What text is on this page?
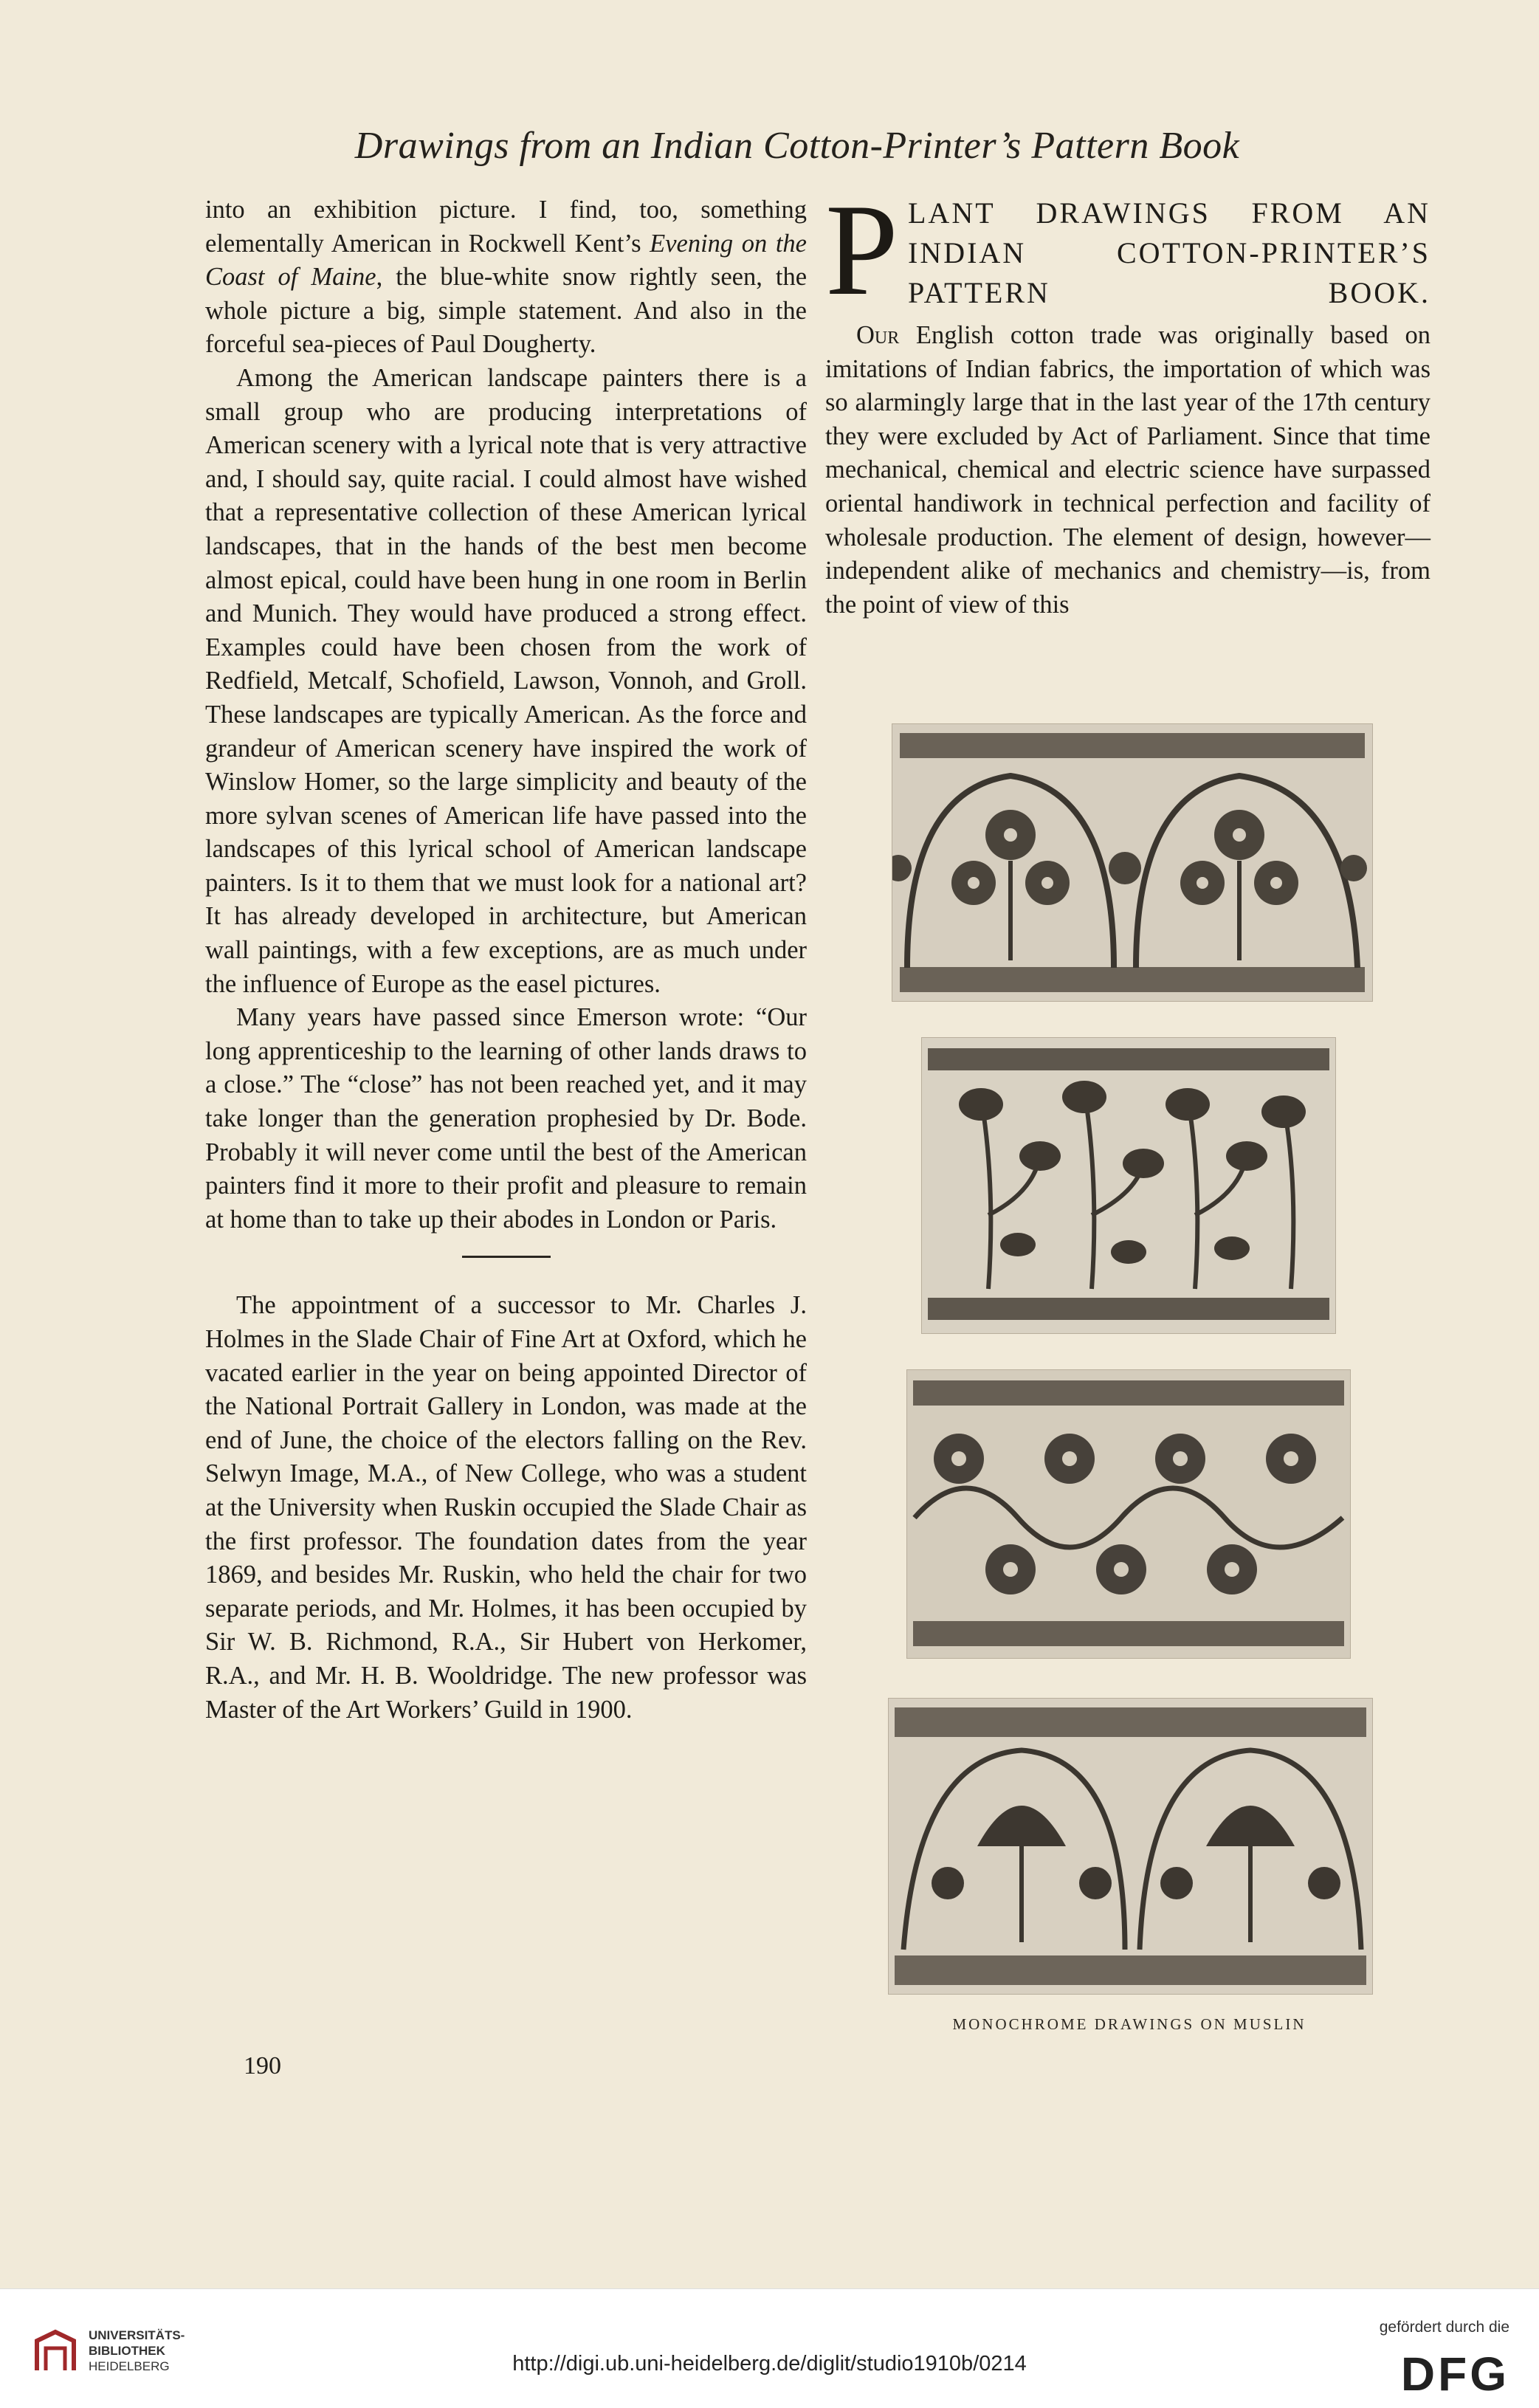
Drawings from an Indian Cotton-Printer’s Pattern Book

into an exhibition picture. I find, too, something elementally American in Rockwell Kent’s Evening on the Coast of Maine, the blue-white snow rightly seen, the whole picture a big, simple statement. And also in the forceful sea-pieces of Paul Dougherty.

Among the American landscape painters there is a small group who are producing interpretations of American scenery with a lyrical note that is very attractive and, I should say, quite racial. I could almost have wished that a representative collection of these American lyrical landscapes, that in the hands of the best men become almost epical, could have been hung in one room in Berlin and Munich. They would have produced a strong effect. Examples could have been chosen from the work of Redfield, Metcalf, Schofield, Lawson, Vonnoh, and Groll. These landscapes are typically American. As the force and grandeur of American scenery have inspired the work of Winslow Homer, so the large simplicity and beauty of the more sylvan scenes of American life have passed into the landscapes of this lyrical school of American landscape painters. Is it to them that we must look for a national art? It has already developed in architecture, but American wall paintings, with a few exceptions, are as much under the influence of Europe as the easel pictures.

Many years have passed since Emerson wrote: “Our long apprenticeship to the learning of other lands draws to a close.” The “close” has not been reached yet, and it may take longer than the generation prophesied by Dr. Bode. Probably it will never come until the best of the American painters find it more to their profit and pleasure to remain at home than to take up their abodes in London or Paris.

The appointment of a successor to Mr. Charles J. Holmes in the Slade Chair of Fine Art at Oxford, which he vacated earlier in the year on being appointed Director of the National Portrait Gallery in London, was made at the end of June, the choice of the electors falling on the Rev. Selwyn Image, M.A., of New College, who was a student at the University when Ruskin occupied the Slade Chair as the first professor. The foundation dates from the year 1869, and besides Mr. Ruskin, who held the chair for two separate periods, and Mr. Holmes, it has been occupied by Sir W. B. Richmond, R.A., Sir Hubert von Herkomer, R.A., and Mr. H. B. Wooldridge. The new professor was Master of the Art Workers’ Guild in 1900.

P LANT DRAWINGS FROM AN INDIAN COTTON-PRINTER’S PATTERN BOOK.

Our English cotton trade was originally based on imitations of Indian fabrics, the importation of which was so alarmingly large that in the last year of the 17th century they were excluded by Act of Parliament. Since that time mechanical, chemical and electric science have surpassed oriental handiwork in technical perfection and facility of wholesale production. The element of design, however—independent alike of mechanics and chemistry—is, from the point of view of this

MONOCHROME DRAWINGS ON MUSLIN
190
UNIVERSITÄTS-
BIBLIOTHEK
HEIDELBERG	http://digi.ub.uni-heidelberg.de/diglit/studio1910b/0214
gefördert durch die
DFG
